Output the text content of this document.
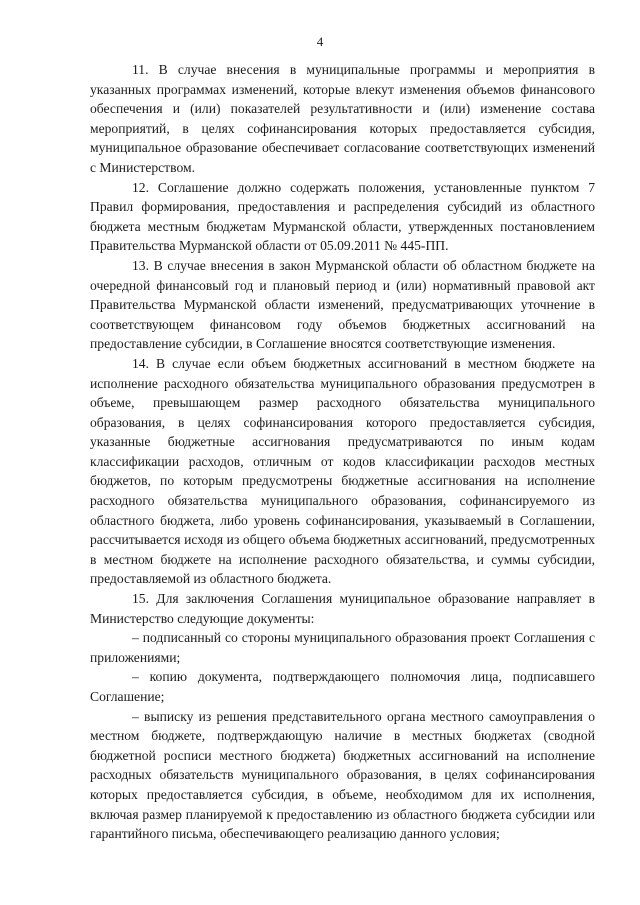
4

11. В случае внесения в муниципальные программы и мероприятия в указанных программах изменений, которые влекут изменения объемов финансового обеспечения и (или) показателей результативности и (или) изменение состава мероприятий, в целях софинансирования которых предоставляется субсидия, муниципальное образование обеспечивает согласование соответствующих изменений с Министерством.

12. Соглашение должно содержать положения, установленные пунктом 7 Правил формирования, предоставления и распределения субсидий из областного бюджета местным бюджетам Мурманской области, утвержденных постановлением Правительства Мурманской области от 05.09.2011 № 445-ПП.

13. В случае внесения в закон Мурманской области об областном бюджете на очередной финансовый год и плановый период и (или) нормативный правовой акт Правительства Мурманской области изменений, предусматривающих уточнение в соответствующем финансовом году объемов бюджетных ассигнований на предоставление субсидии, в Соглашение вносятся соответствующие изменения.

14. В случае если объем бюджетных ассигнований в местном бюджете на исполнение расходного обязательства муниципального образования предусмотрен в объеме, превышающем размер расходного обязательства муниципального образования, в целях софинансирования которого предоставляется субсидия, указанные бюджетные ассигнования предусматриваются по иным кодам классификации расходов, отличным от кодов классификации расходов местных бюджетов, по которым предусмотрены бюджетные ассигнования на исполнение расходного обязательства муниципального образования, софинансируемого из областного бюджета, либо уровень софинансирования, указываемый в Соглашении, рассчитывается исходя из общего объема бюджетных ассигнований, предусмотренных в местном бюджете на исполнение расходного обязательства, и суммы субсидии, предоставляемой из областного бюджета.

15. Для заключения Соглашения муниципальное образование направляет в Министерство следующие документы:

– подписанный со стороны муниципального образования проект Соглашения с приложениями;

– копию документа, подтверждающего полномочия лица, подписавшего Соглашение;

– выписку из решения представительного органа местного самоуправления о местном бюджете, подтверждающую наличие в местных бюджетах (сводной бюджетной росписи местного бюджета) бюджетных ассигнований на исполнение расходных обязательств муниципального образования, в целях софинансирования которых предоставляется субсидия, в объеме, необходимом для их исполнения, включая размер планируемой к предоставлению из областного бюджета субсидии или гарантийного письма, обеспечивающего реализацию данного условия;
